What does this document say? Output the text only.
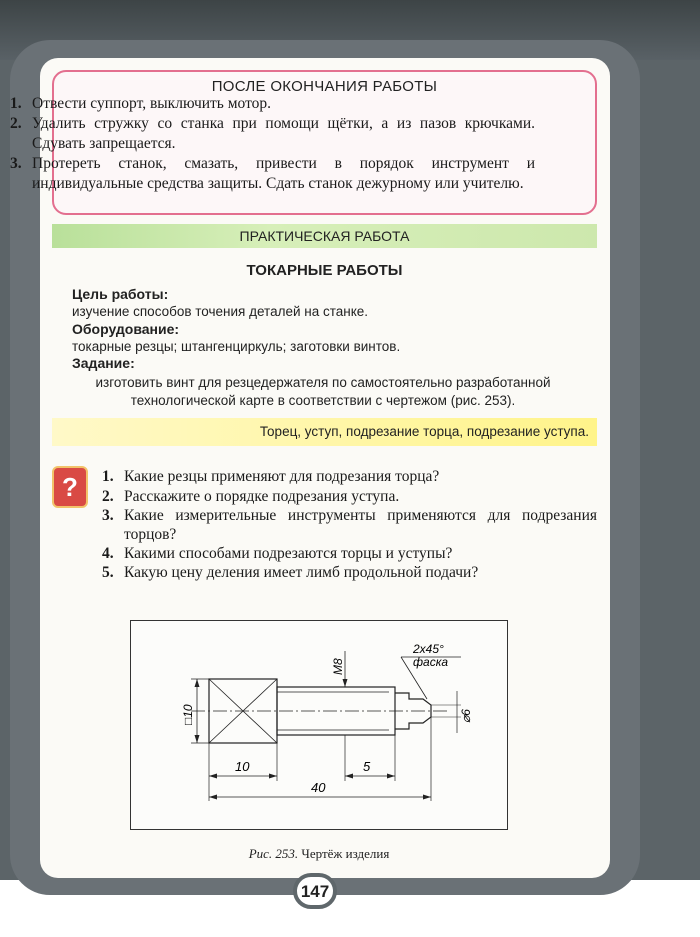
ПОСЛЕ ОКОНЧАНИЯ РАБОТЫ
1. Отвести суппорт, выключить мотор.
2. Удалить стружку со станка при помощи щётки, а из пазов крючками. Сдувать запрещается.
3. Протереть станок, смазать, привести в порядок инструмент и индивидуальные средства защиты. Сдать станок дежурному или учителю.
ПРАКТИЧЕСКАЯ РАБОТА
ТОКАРНЫЕ РАБОТЫ
Цель работы:
изучение способов точения деталей на станке.
Оборудование:
токарные резцы; штангенциркуль; заготовки винтов.
Задание:
изготовить винт для резцедержателя по самостоятельно разработанной технологической карте в соответствии с чертежом (рис. 253).
Торец, уступ, подрезание торца, подрезание уступа.
?	1. Какие резцы применяют для подрезания торца?
2. Расскажите о порядке подрезания уступа.
3. Какие измерительные инструменты применяются для подрезания торцов?
4. Какими способами подрезаются торцы и уступы?
5. Какую цену деления имеет лимб продольной подачи?
10	5
40
2x45°
фаска
M8
□10	⌀6
Рис. 253. Чертёж изделия
147
